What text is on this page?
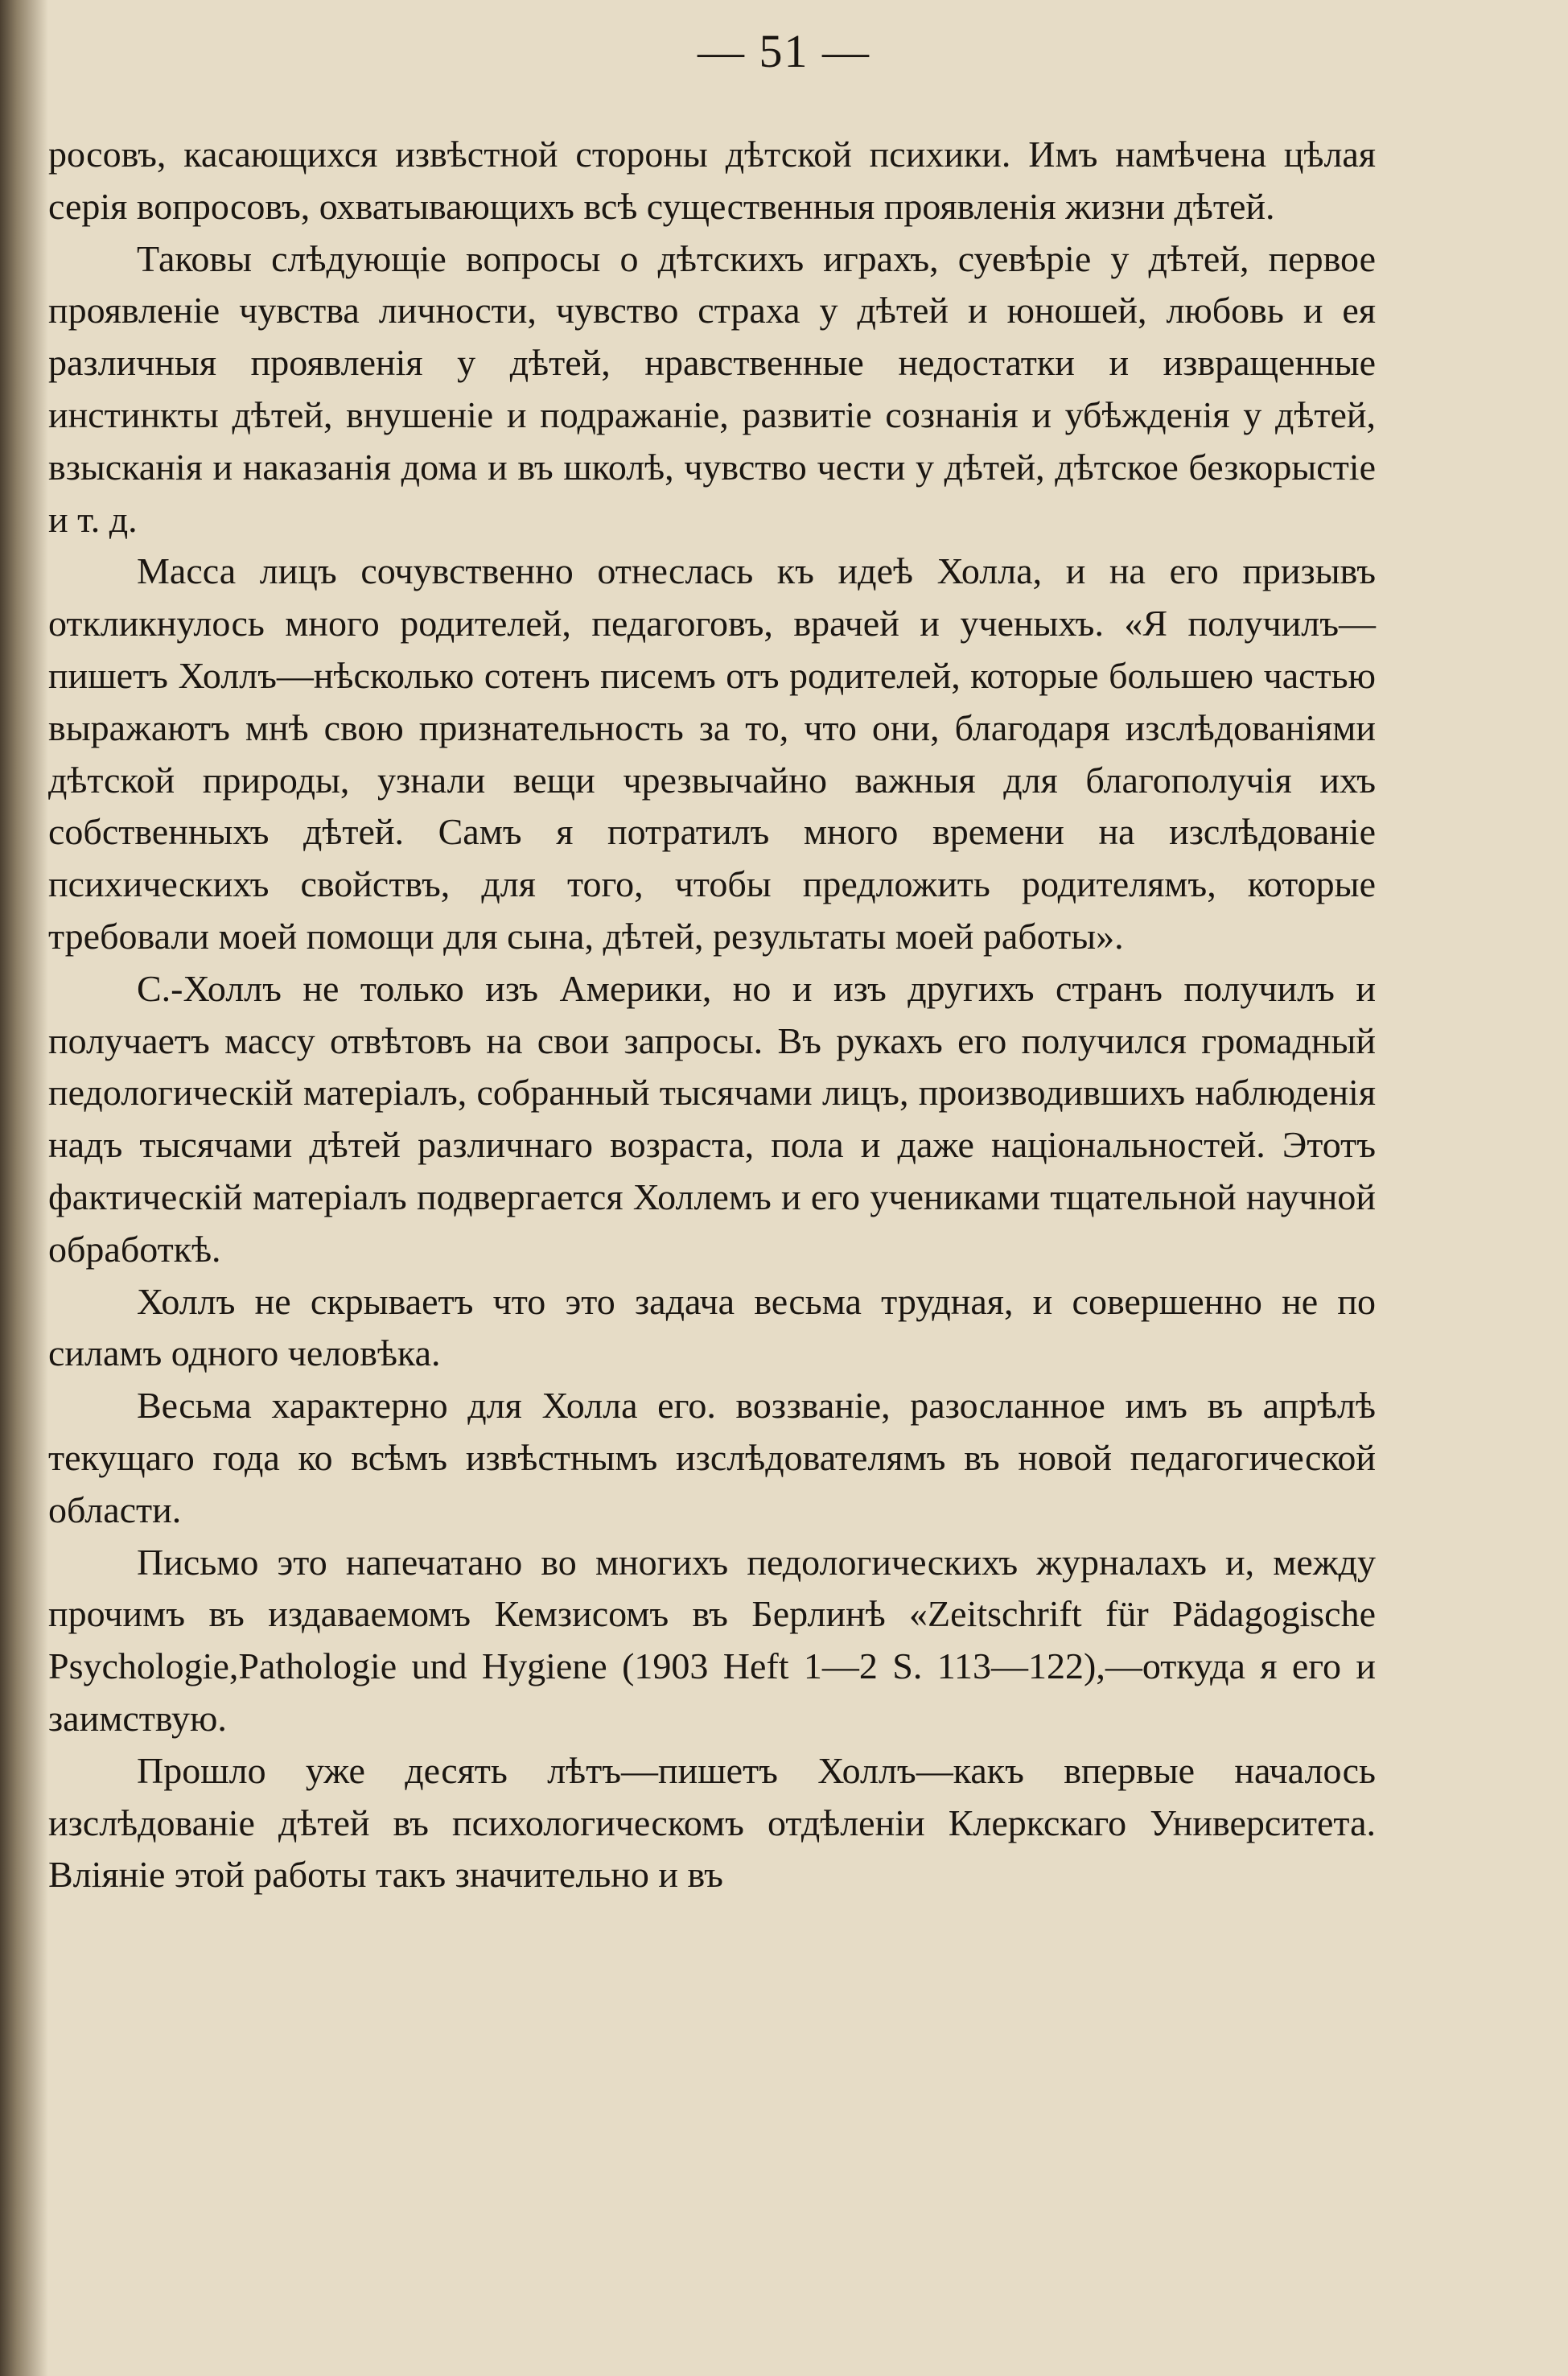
— 51 —

росовъ, касающихся извѣстной стороны дѣтской психики. Имъ намѣчена цѣлая серія вопросовъ, охватывающихъ всѣ существенныя проявленія жизни дѣтей.

Таковы слѣдующіе вопросы о дѣтскихъ играхъ, суевѣріе у дѣтей, первое проявленіе чувства личности, чувство страха у дѣтей и юношей, любовь и ея различныя проявленія у дѣтей, нравственные недостатки и извращенные инстинкты дѣтей, внушеніе и подражаніе, развитіе сознанія и убѣжденія у дѣтей, взысканія и наказанія дома и въ школѣ, чувство чести у дѣтей, дѣтское безкорыстіе и т. д.

Масса лицъ сочувственно отнеслась къ идеѣ Холла, и на его призывъ откликнулось много родителей, педагоговъ, врачей и ученыхъ. «Я получилъ—пишетъ Холлъ—нѣсколько сотенъ писемъ отъ родителей, которые большею частью выражаютъ мнѣ свою признательность за то, что они, благодаря изслѣдованіями дѣтской природы, узнали вещи чрезвычайно важныя для благополучія ихъ собственныхъ дѣтей. Самъ я потратилъ много времени на изслѣдованіе психическихъ свойствъ, для того, чтобы предложить родителямъ, которые требовали моей помощи для сына, дѣтей, результаты моей работы».

С.-Холлъ не только изъ Америки, но и изъ другихъ странъ получилъ и получаетъ массу отвѣтовъ на свои запросы. Въ рукахъ его получился громадный педологическій матеріалъ, собранный тысячами лицъ, производившихъ наблюденія надъ тысячами дѣтей различнаго возраста, пола и даже національностей. Этотъ фактическій матеріалъ подвергается Холлемъ и его учениками тщательной научной обработкѣ.

Холлъ не скрываетъ что это задача весьма трудная, и совершенно не по силамъ одного человѣка.

Весьма характерно для Холла его. воззваніе, разосланное имъ въ апрѣлѣ текущаго года ко всѣмъ извѣстнымъ изслѣдователямъ въ новой педагогической области.

Письмо это напечатано во многихъ педологическихъ журналахъ и, между прочимъ въ издаваемомъ Кемзисомъ въ Берлинѣ «Zeitschrift für Pädagogische Psychologie,Pathologie und Hygiene (1903 Heft 1—2 S. 113—122),—откуда я его и заимствую.

Прошло уже десять лѣтъ—пишетъ Холлъ—какъ впервые началось изслѣдованіе дѣтей въ психологическомъ отдѣленіи Клеркскаго Университета. Вліяніе этой работы такъ значительно и въ
